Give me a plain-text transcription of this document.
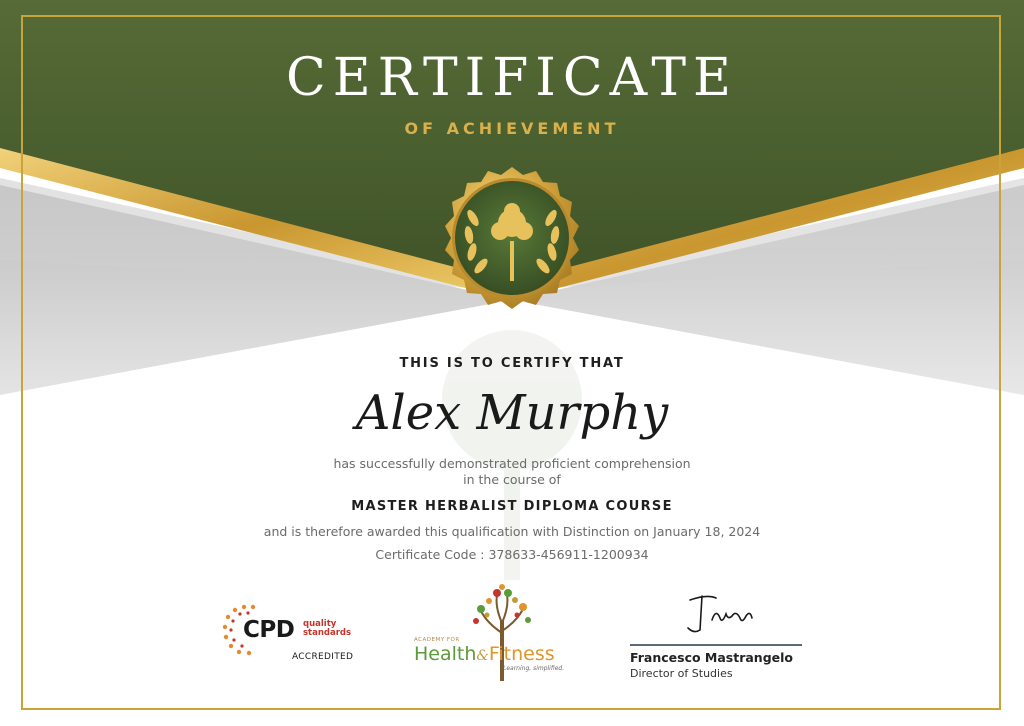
CERTIFICATE
OF ACHIEVEMENT
THIS IS TO CERTIFY THAT
Alex Murphy
has successfully demonstrated proficient comprehension
in the course of
MASTER HERBALIST DIPLOMA COURSE
and is therefore awarded this qualification with Distinction on January 18, 2024
Certificate Code : 378633-456911-1200934
CPD quality
standards
ACCREDITED
ACADEMY FOR
Health&Fitness
Learning, simplified.
Francesco Mastrangelo
Director of Studies
